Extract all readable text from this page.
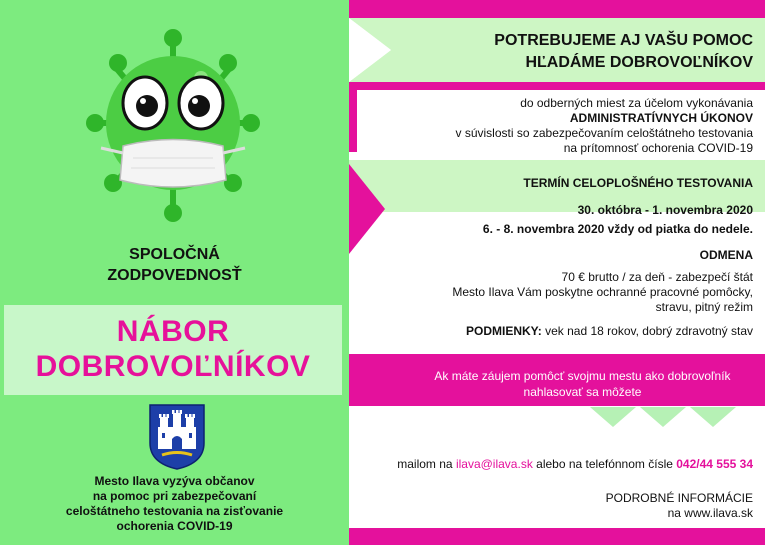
SPOLOČNÁ
ZODPOVEDNOSŤ
NÁBOR
DOBROVOĽNÍKOV
Mesto Ilava vyzýva občanov
na pomoc pri zabezpečovaní
celoštátneho testovania na zisťovanie
ochorenia COVID-19
POTREBUJEME AJ VAŠU POMOC
HĽADÁME DOBROVOĽNÍKOV
do odberných miest za účelom vykonávania
ADMINISTRATÍVNYCH ÚKONOV
v súvislosti so zabezpečovaním celoštátneho testovania
na prítomnosť ochorenia COVID-19
TERMÍN CELOPLOŠNÉHO TESTOVANIA
30. októbra - 1. novembra 2020
6. - 8. novembra 2020 vždy od piatka do nedele.
ODMENA
70 € brutto / za deň - zabezpečí štát
Mesto Ilava Vám poskytne ochranné pracovné pomôcky,
stravu, pitný režim
PODMIENKY: vek nad 18 rokov, dobrý zdravotný stav
Ak máte záujem pomôcť svojmu mestu ako dobrovoľník
nahlasovať sa môžete
mailom na ilava@ilava.sk alebo na telefónnom čísle 042/44 555 34
PODROBNÉ INFORMÁCIE
na www.ilava.sk
